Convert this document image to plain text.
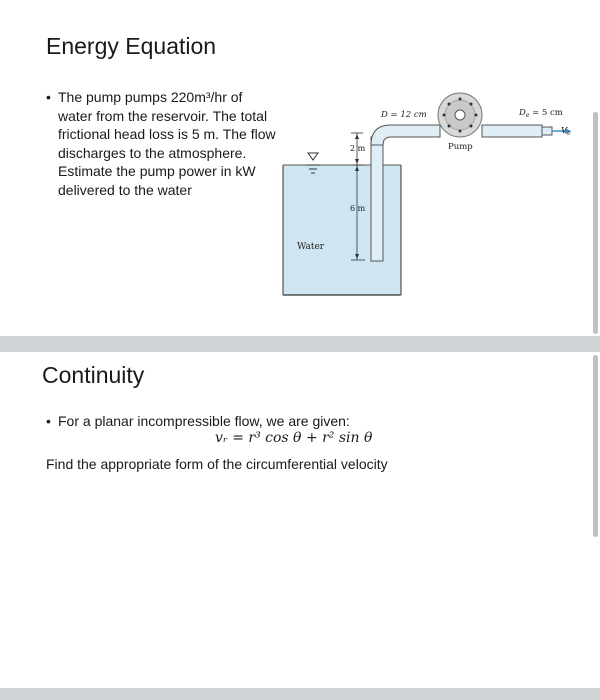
Energy Equation
• The pump pumps 220m³/hr of water from the reservoir. The total frictional head loss is 5 m. The flow discharges to the atmosphere. Estimate the pump power in kW delivered to the water
2 m
6 m
Water
D = 12 cm
Pump
$D_e = 5$ cm
$V_e$
Continuity
• For a planar incompressible flow, we are given:
vᵣ = r³ cos θ + r² sin θ
Find the appropriate form of the circumferential velocity
